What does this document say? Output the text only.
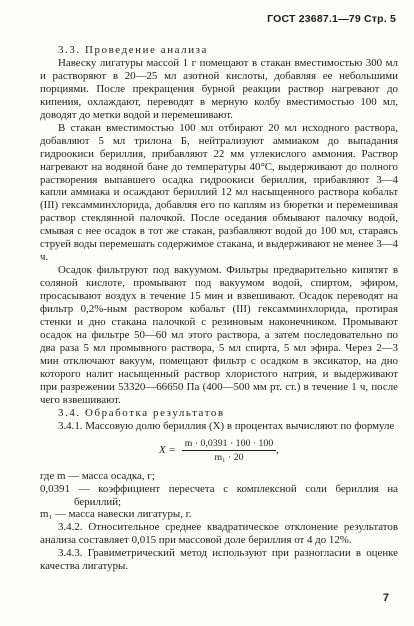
ГОСТ 23687.1—79 Стр. 5

3.3. Проведение анализа

Навеску лигатуры массой 1 г помещают в стакан вместимостью 300 мл и растворяют в 20—25 мл азотной кислоты, добавляя ее небольшими порциями. После прекращения бурной реакции раствор нагревают до кипения, охлаждают, переводят в мерную колбу вместимостью 100 мл, доводят до метки водой и перемешивают.

В стакан вместимостью 100 мл отбирают 20 мл исходного раствора, добавляют 5 мл трилона Б, нейтрализуют аммиаком до выпадания гидроокиси бериллия, прибавляют 22 мм углекислого аммония. Раствор нагревают на водяной бане до температуры 40°С, выдерживают до полного растворения выпавшего осадка гидроокиси бериллия, прибавляют 3—4 капли аммиака и осаждают бериллий 12 мл насыщенного раствора кобальт (III) гексамминхлорида, добавляя его по каплям из бюретки и перемешивая раствор стеклянной палочкой. После оседания обмывают палочку водой, смывая с нее осадок в тот же стакан, разбавляют водой до 100 мл, стараясь струей воды перемешать содержимое стакана, и выдерживают не менее 3—4 ч.

Осадок фильтруют под вакуумом. Фильтры предварительно кипятят в соляной кислоте, промывают под вакуумом водой, спиртом, эфиром, просасывают воздух в течение 15 мин и взвешивают. Осадок переводят на фильтр 0,2%-ным раствором кобальт (III) гексамминхлорида, протирая стенки и дно стакана палочкой с резиновым наконечником. Промывают осадок на фильтре 50—60 мл этого раствора, а затем последовательно по два раза 5 мл промывного раствора, 5 мл спирта, 5 мл эфира. Через 2—3 мин отключают вакуум, помещают фильтр с осадком в эксикатор, на дно которого налит насыщенный раствор хлористого натрия, и выдерживают при разрежении 53320—66650 Па (400—500 мм рт. ст.) в течение 1 ч, после чего взвешивают.

3.4. Обработка результатов

3.4.1. Массовую долю бериллия (X) в процентах вычисляют по формуле

$X = \frac{m \cdot 0,0391 \cdot 100 \cdot 100}{\text{m₁ · 20}}$ ,

где m — масса осадка, г;

0,0391 — коэффициент пересчета с комплексной соли бериллия на бериллий;

m₁ — масса навески лигатуры, г.

3.4.2. Относительное среднее квадратическое отклонение результатов анализа составляет 0,015 при массовой доле бериллия от 4 до 12%.

3.4.3. Гравиметрический метод используют при разногласии в оценке качества лигатуры.

7
